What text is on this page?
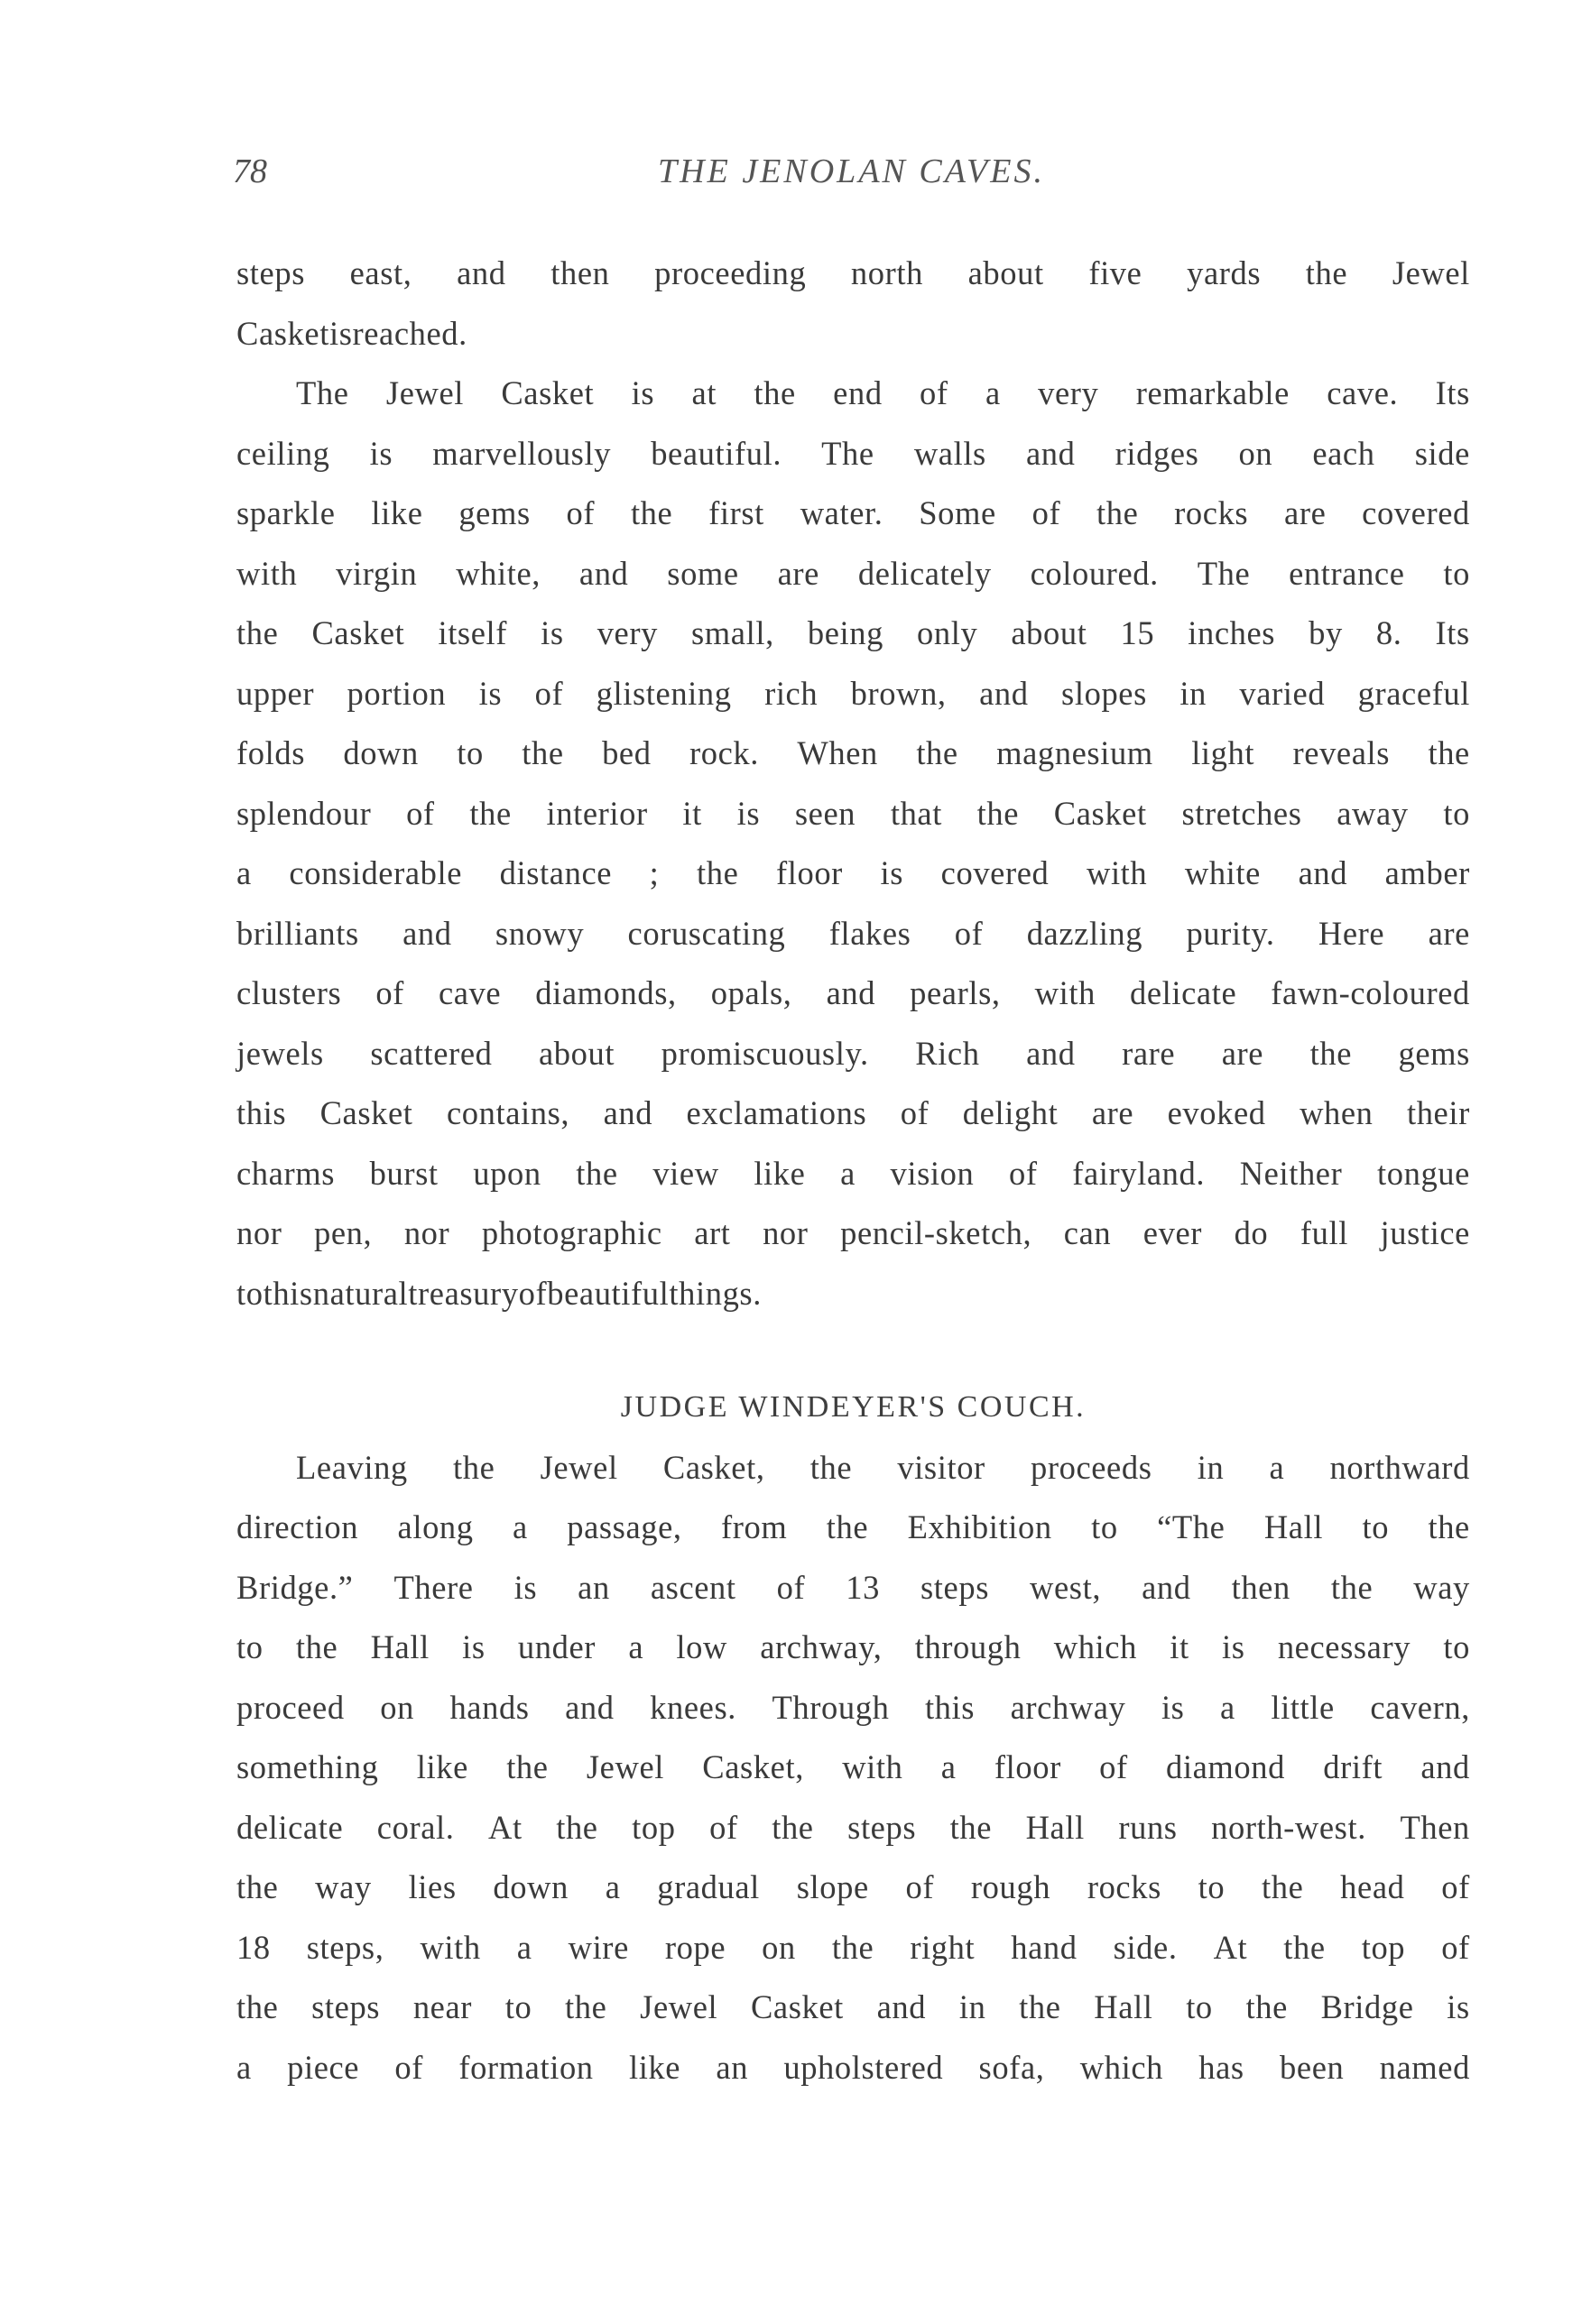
78	THE JENOLAN CAVES.
steps east, and then proceeding north about five yards the Jewel
Casket is reached.
The Jewel Casket is at the end of a very remarkable cave. Its
ceiling is marvellously beautiful. The walls and ridges on each side
sparkle like gems of the first water. Some of the rocks are covered
with virgin white, and some are delicately coloured. The entrance to
the Casket itself is very small, being only about 15 inches by 8. Its
upper portion is of glistening rich brown, and slopes in varied graceful
folds down to the bed rock. When the magnesium light reveals the
splendour of the interior it is seen that the Casket stretches away to
a considerable distance ; the floor is covered with white and amber
brilliants and snowy coruscating flakes of dazzling purity. Here are
clusters of cave diamonds, opals, and pearls, with delicate fawn-coloured
jewels scattered about promiscuously. Rich and rare are the gems
this Casket contains, and exclamations of delight are evoked when their
charms burst upon the view like a vision of fairyland. Neither tongue
nor pen, nor photographic art nor pencil-sketch, can ever do full justice
to this natural treasury of beautiful things.
JUDGE WINDEYER'S COUCH.
Leaving the Jewel Casket, the visitor proceeds in a northward
direction along a passage, from the Exhibition to “The Hall to the
Bridge.” There is an ascent of 13 steps west, and then the way
to the Hall is under a low archway, through which it is necessary to
proceed on hands and knees. Through this archway is a little cavern,
something like the Jewel Casket, with a floor of diamond drift and
delicate coral. At the top of the steps the Hall runs north-west. Then
the way lies down a gradual slope of rough rocks to the head of
18 steps, with a wire rope on the right hand side. At the top of
the steps near to the Jewel Casket and in the Hall to the Bridge is
a piece of formation like an upholstered sofa, which has been named
